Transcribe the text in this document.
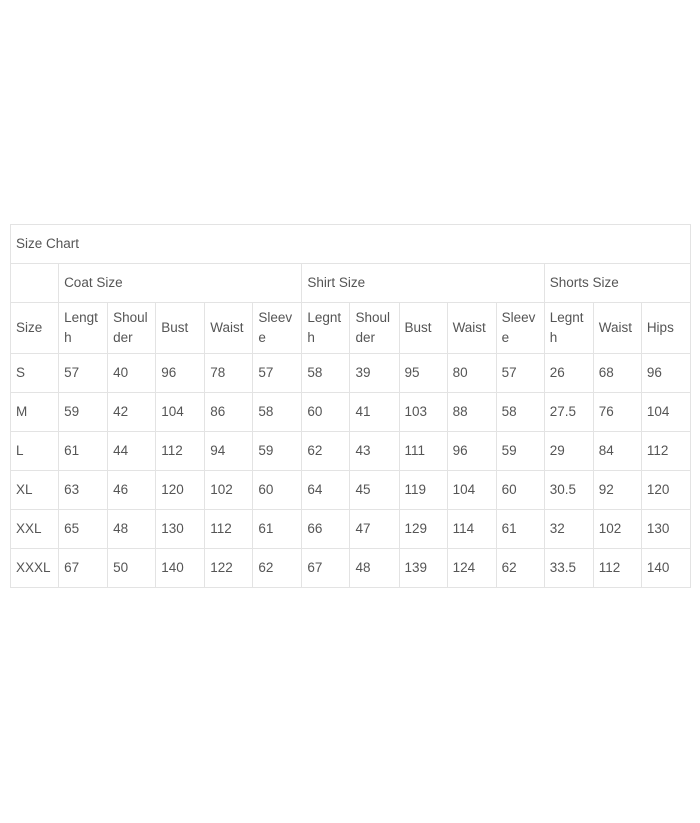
Size Chart													
	Coat Size					Shirt Size					Shorts Size		
Size	Length	Shoulder	Bust	Waist	Sleeve	Legnth	Shoulder	Bust	Waist	Sleeve	Legnth	Waist	Hips
S	57	40	96	78	57	58	39	95	80	57	26	68	96
M	59	42	104	86	58	60	41	103	88	58	27.5	76	104
L	61	44	112	94	59	62	43	111	96	59	29	84	112
XL	63	46	120	102	60	64	45	119	104	60	30.5	92	120
XXL	65	48	130	112	61	66	47	129	114	61	32	102	130
XXXL	67	50	140	122	62	67	48	139	124	62	33.5	112	140
